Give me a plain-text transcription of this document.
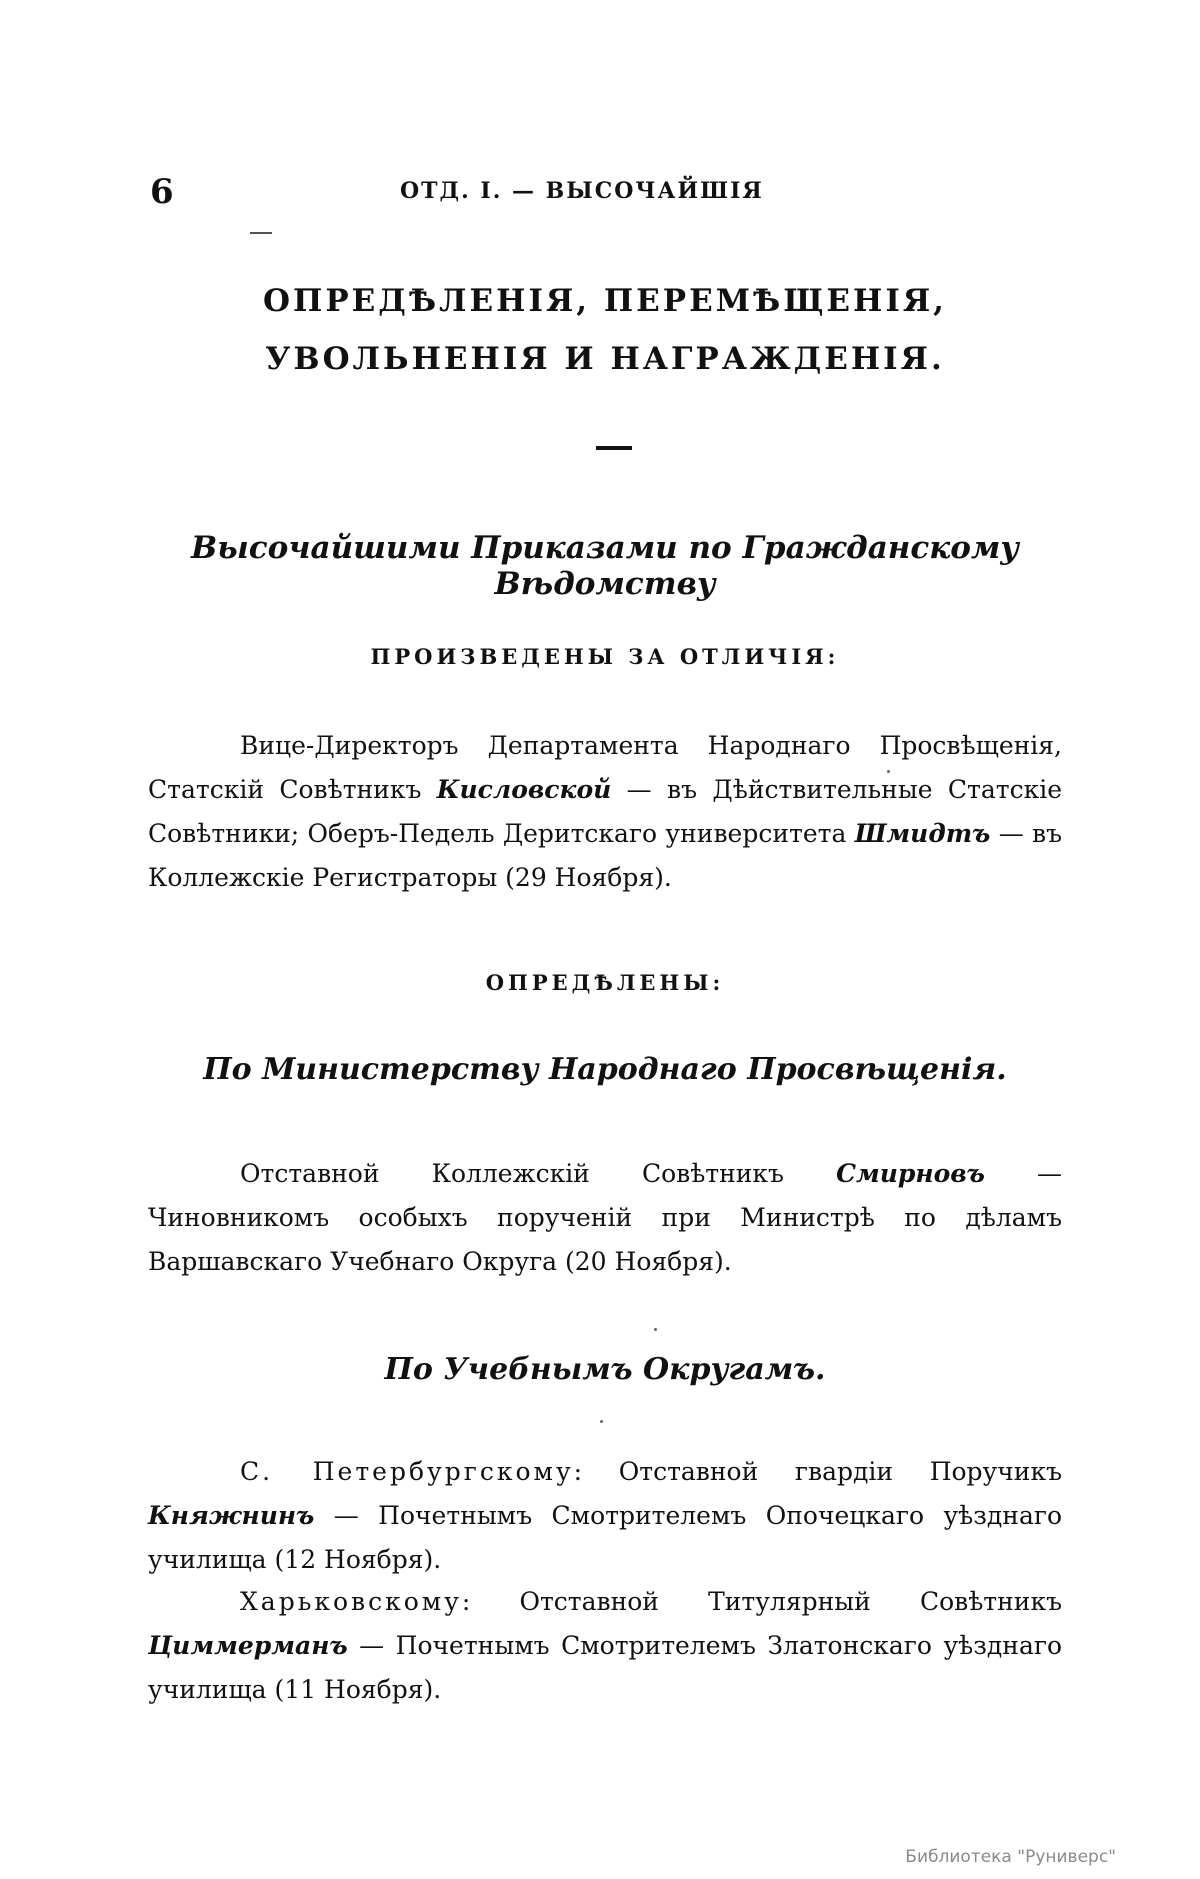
6	ОТД. I. — ВЫСОЧАЙШІЯ
ОПРЕДѢЛЕНІЯ, ПЕРЕМѢЩЕНІЯ, УВОЛЬНЕНІЯ И НАГРАЖДЕНІЯ.
Высочайшими Приказами по Гражданскому Вѣдомству
ПРОИЗВЕДЕНЫ ЗА ОТЛИЧІЯ:

Вице-Директоръ Департамента Народнаго Просвѣщенія, Статскій Совѣтникъ Кисловской — въ Дѣйствительные Статскіе Совѣтники; Оберъ-Педель Деритскаго университета Шмидтъ — въ Коллежскіе Регистраторы (29 Ноября).

ОПРЕДѢЛЕНЫ:
По Министерству Народнаго Просвѣщенія.

Отставной Коллежскій Совѣтникъ Смирновъ — Чиновникомъ особыхъ порученій при Министрѣ по дѣламъ Варшавскаго Учебнаго Округа (20 Ноября).

По Учебнымъ Округамъ.

С. Петербургскому: Отставной гвардіи Поручикъ Княжнинъ — Почетнымъ Смотрителемъ Опочецкаго уѣзднаго училища (12 Ноября).

Харьковскому: Отставной Титулярный Совѣтникъ Циммерманъ — Почетнымъ Смотрителемъ Златонскаго уѣзднаго училища (11 Ноября).

Библиотека "Руниверс"
